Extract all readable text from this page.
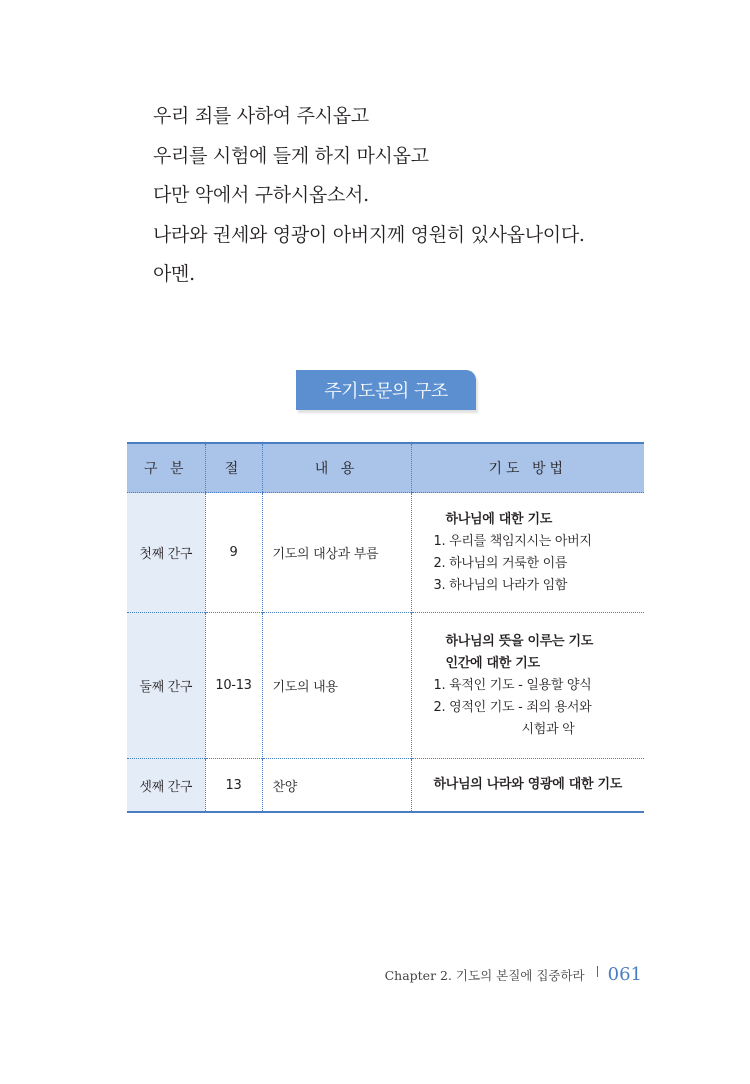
우리 죄를 사하여 주시옵고
우리를 시험에 들게 하지 마시옵고
다만 악에서 구하시옵소서.
나라와 권세와 영광이 아버지께 영원히 있사옵나이다.
아멘.
주기도문의 구조
구 분	절	내 용	기도 방법
첫째 간구	9	기도의 대상과 부름	하나님에 대한 기도
1. 우리를 책임지시는 아버지
2. 하나님의 거룩한 이름
3. 하나님의 나라가 임함

둘째 간구	10-13	기도의 내용	하나님의 뜻을 이루는 기도
인간에 대한 기도
1. 육적인 기도 - 일용할 양식
2. 영적인 기도 - 죄의 용서와
시험과 악

셋째 간구	13	찬양	하나님의 나라와 영광에 대한 기도
Chapter 2. 기도의 본질에 집중하라 061
